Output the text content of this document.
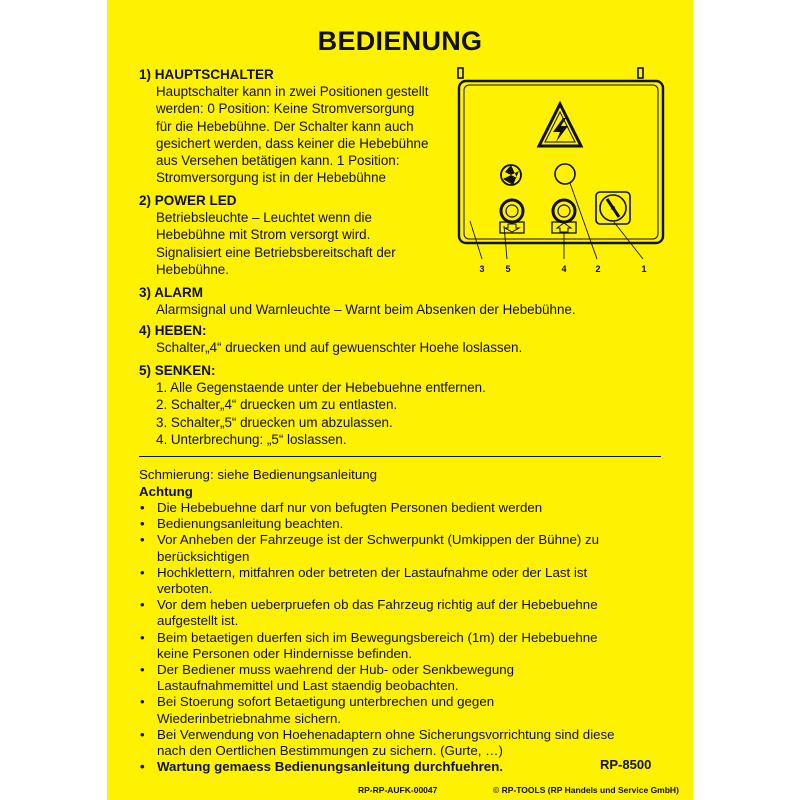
BEDIENUNG
1) HAUPTSCHALTER
Hauptschalter kann in zwei Positionen gestellt
werden: 0 Position: Keine Stromversorgung
für die Hebebühne. Der Schalter kann auch
gesichert werden, dass keiner die Hebebühne
aus Versehen betätigen kann. 1 Position:
Stromversorgung ist in der Hebebühne
2) POWER LED
Betriebsleuchte – Leuchtet wenn die
Hebebühne mit Strom versorgt wird.
Signalisiert eine Betriebsbereitschaft der
Hebebühne.
3) ALARM
Alarmsignal und Warnleuchte – Warnt beim Absenken der Hebebühne.
4) HEBEN:
Schalter„4“ druecken und auf gewuenschter Hoehe loslassen.
5) SENKEN:
1. Alle Gegenstaende unter der Hebebuehne entfernen.
2. Schalter„4“ druecken um zu entlasten.
3. Schalter„5“ druecken um abzulassen.
4. Unterbrechung: „5“ loslassen.
3 5	4	2	1
Schmierung: siehe Bedienungsanleitung
Achtung
• Die Hebebuehne darf nur von befugten Personen bedient werden
• Bedienungsanleitung beachten.
• Vor Anheben der Fahrzeuge ist der Schwerpunkt (Umkippen der Bühne) zu
berücksichtigen
• Hochklettern, mitfahren oder betreten der Lastaufnahme oder der Last ist
verboten.
• Vor dem heben ueberpruefen ob das Fahrzeug richtig auf der Hebebuehne
aufgestellt ist.
• Beim betaetigen duerfen sich im Bewegungsbereich (1m) der Hebebuehne
keine Personen oder Hindernisse befinden.
• Der Bediener muss waehrend der Hub- oder Senkbewegung
Lastaufnahmemittel und Last staendig beobachten.
• Bei Stoerung sofort Betaetigung unterbrechen und gegen
Wiederinbetriebnahme sichern.
• Bei Verwendung von Hoehenadaptern ohne Sicherungsvorrichtung sind diese
nach den Oertlichen Bestimmungen zu sichern. (Gurte, …)
• Wartung gemaess Bedienungsanleitung durchfuehren.	RP-8500
RP-RP-AUFK-00047	© RP-TOOLS (RP Handels und Service GmbH)
